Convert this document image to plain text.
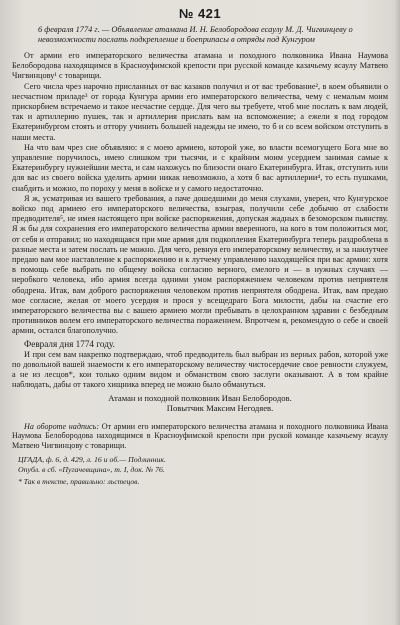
№ 421
6 февраля 1774 г. — Объявление атамана И. Н. Белобородова есаулу М. Д. Чигвинцеву о невозможности послать подкрепление и боеприпасы в отряды под Кунгуром

От армии его императорского величества атамана и походного полковника Ивана Наумова Белобородова находящимся в Красноуфимской крепости при русской команде казачьему ясаулу Матвею Чигвинцову¹ с товарищи.

Сего числа чрез нарочно присланных от вас казаков получил и от вас требование², в коем объявили о несчастном приладе³ от города Кунгура армии его императорского величества, чему с немалым моим прискорбием встречаемо и такое несчастие сердце. Для чего вы требуете, чтоб мне послать к вам людей, так и артиллерию пушек, так и артиллерия прислать вам на вспоможение; а ежели я под городом Екатеринбургом стоять и оттору учинить большей надежды не имею, то б и со всем войском отступить в наши места.

На что вам чрез сие объявляю: я с моею армиею, которой уже, во власти всемогущего Бога мне во управление поручилось, имею слишком три тысячи, и с крайним моим усердием занимая самые к Екатеринбургу нужнейшии места, и сам нахожусь по близости онаго Екатеринбурга. Итак, отступить или для вас из своего войска уделить армии никак невозможно, а хотя б вас артиллерии⁴, то есть пушками, снабдить и можно, по пороху у меня в войске и у самого недостаточно.

Я ж, усматривая из вашего требования, а паче дошедшими до меня слухами, уверен, что Кунгурское войско под армиею его императорского величества, взыграя, получили себе добычю от слабости предводителя⁵, не имея настоящего при войске распоряжения, допуская жадных в безоморском пьянству. Я ж бы для сохранения его императорского величества армии вверенного, на кого в том положиться мог, от себя и отправил; но находящаяся при мне армия для подкопления Екатеринбурга теперь раздроблена в разные места и затем послать не можно. Для чего, ревнуя его императорскому величеству, и за наилутчее предаю вам мое наставление к распоряжению и к лутчему управлению находящейся при вас армии: хотя в помощь себе выбрать по общему войска согласию верного, смелого и — в нужных случаях — неробкого человека, ибо армия всегда одними умом распоряжением человеком против неприятеля ободрена. Итак, вам доброго распоряжения человеком против неприятеля ободрена. Итак, вам предаю мое согласие, желая от моего усердия и прося у всещедраго Бога милости, дабы на счастие его императорского величества вы с вашею армиею могли пребывать в целохранном здравии с безбедным противников волем его императорского величества поражением. Впротчем я, рекомендую о себе и своей армии, остался благополучно.

Февраля дня 1774 году.

И при сем вам накрепко подтверждаю, чтоб предводитель был выбран из верных рабов, которой уже по довольной вашей знаемости к его императорскому величеству чистосердечие свое ревности служуем, а не из лесцов*, кои только одним видом и обманством свою заслуги оказывают. А в том крайне наблюдать, дабы от такого хищника вперед не можно было обмануться.

Атаман и походной полковник Иван Белобородов.
Повытчик Максим Негодяев.
На обороте надпись: От армии его императорского величества атамана и походного полковника Ивана Наумова Белобородова находящимся в Красноуфимской крепости при руской команде казачьему ясаулу Матвею Чигвинцову с товарищи.
ЦГАДА, ф. 6, д. 429, л. 16 и об.— Подлинник.
Опубл. в сб. «Пугачевщина», т. I, док. № 76.
* Так в тексте, правильно: льстецов.
